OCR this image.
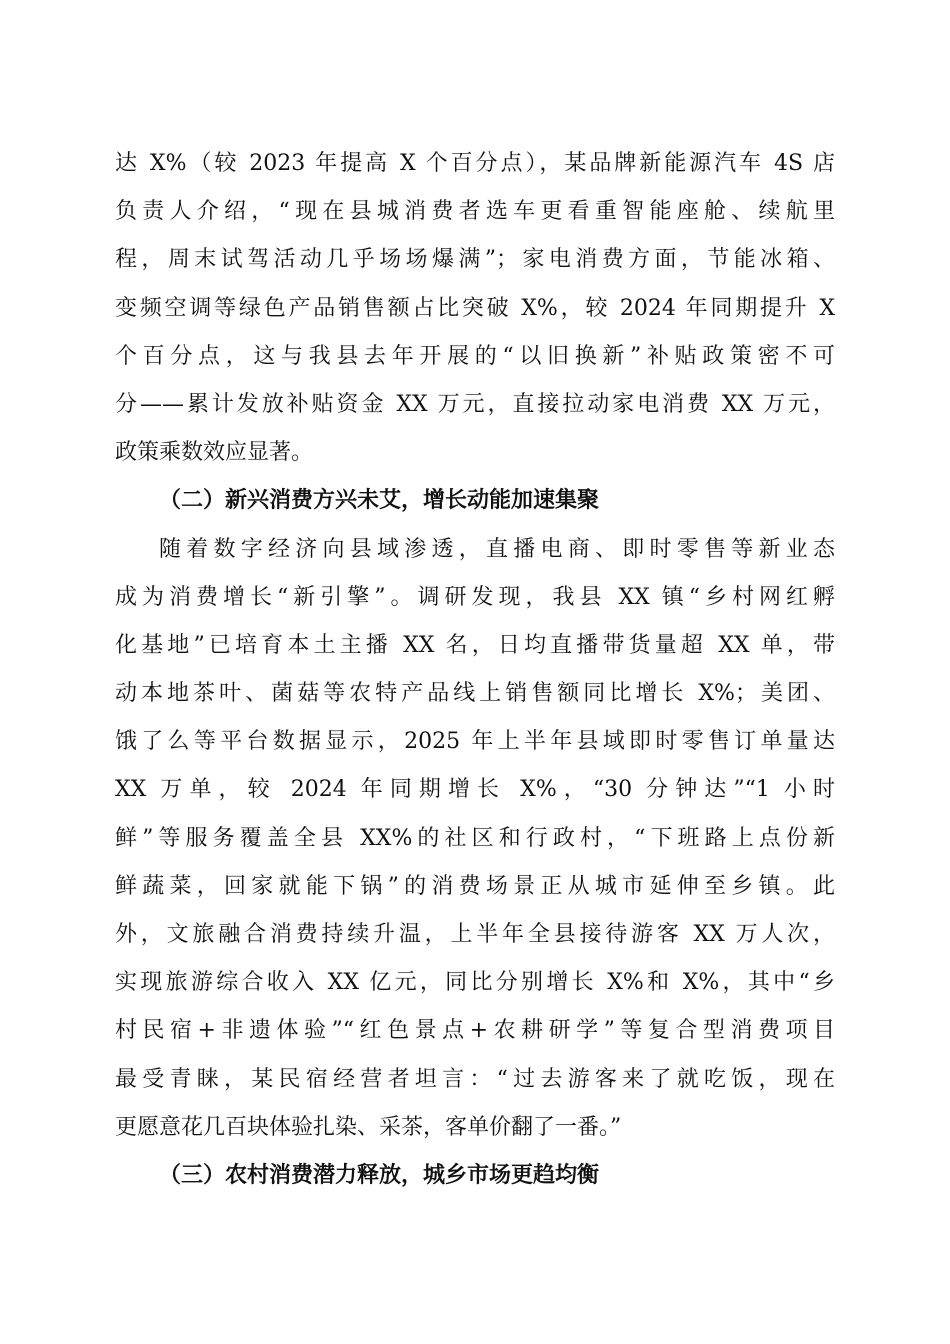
达 X%（较 2023 年提高 X 个百分点），某品牌新能源汽车 4S 店
负责人介绍，“现在县城消费者选车更看重智能座舱、续航里
程，周末试驾活动几乎场场爆满”；家电消费方面，节能冰箱、
变频空调等绿色产品销售额占比突破 X%，较 2024 年同期提升 X
个百分点，这与我县去年开展的“以旧换新”补贴政策密不可
分——累计发放补贴资金 XX 万元，直接拉动家电消费 XX 万元，
政策乘数效应显著。
（二）新兴消费方兴未艾，增长动能加速集聚
随着数字经济向县域渗透，直播电商、即时零售等新业态
成为消费增长“新引擎”。调研发现，我县 XX 镇“乡村网红孵
化基地”已培育本土主播 XX 名，日均直播带货量超 XX 单，带
动本地茶叶、菌菇等农特产品线上销售额同比增长 X%；美团、
饿了么等平台数据显示，2025 年上半年县域即时零售订单量达
XX 万单，较 2024 年同期增长 X%，“30 分钟达”“1 小时
鲜”等服务覆盖全县 XX%的社区和行政村，“下班路上点份新
鲜蔬菜，回家就能下锅”的消费场景正从城市延伸至乡镇。此
外，文旅融合消费持续升温，上半年全县接待游客 XX 万人次，
实现旅游综合收入 XX 亿元，同比分别增长 X%和 X%，其中“乡
村民宿+非遗体验”“红色景点+农耕研学”等复合型消费项目
最受青睐，某民宿经营者坦言：“过去游客来了就吃饭，现在
更愿意花几百块体验扎染、采茶，客单价翻了一番。”
（三）农村消费潜力释放，城乡市场更趋均衡
